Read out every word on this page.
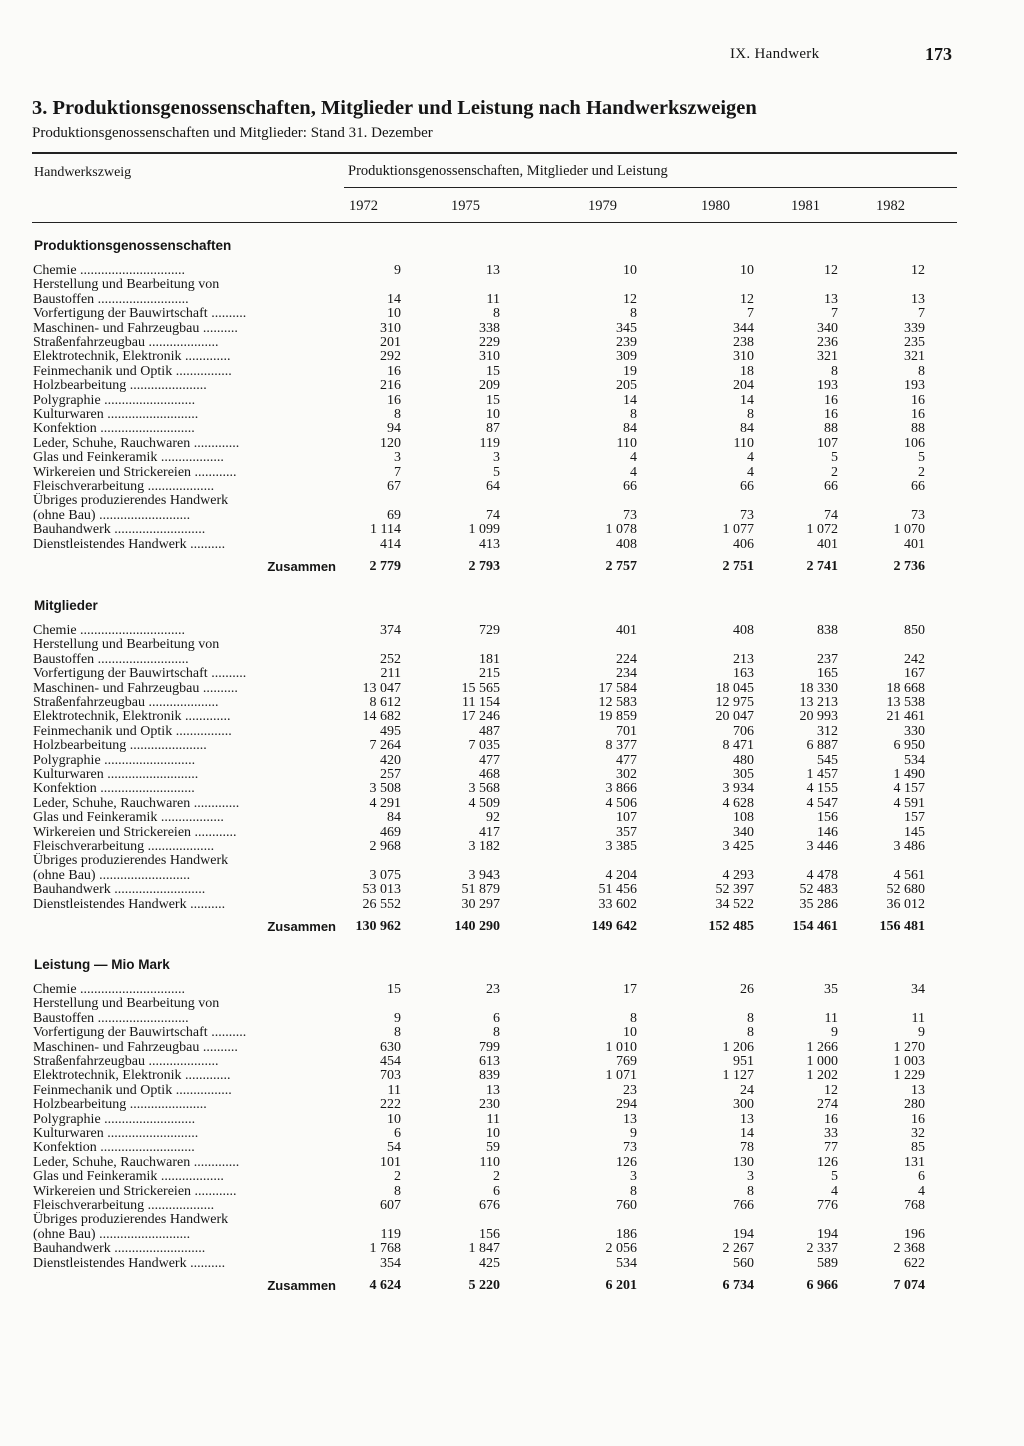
IX. Handwerk	173
3. Produktionsgenossenschaften, Mitglieder und Leistung nach Handwerkszweigen
Produktionsgenossenschaften und Mitglieder: Stand 31. Dezember
Handwerkszweig	Produktionsgenossenschaften, Mitglieder und Leistung
1972	1975	1979	1980	1981	1982
Produktionsgenossenschaften
Chemie ..............................	9	13	10	10	12	12
Herstellung und Bearbeitung von
Baustoffen ..........................	14	11	12	12	13	13
Vorfertigung der Bauwirtschaft ..........	10	8	8	7	7	7
Maschinen- und Fahrzeugbau ..........	310	338	345	344	340	339
Straßenfahrzeugbau ....................	201	229	239	238	236	235
Elektrotechnik, Elektronik .............	292	310	309	310	321	321
Feinmechanik und Optik ................	16	15	19	18	8	8
Holzbearbeitung ......................	216	209	205	204	193	193
Polygraphie ..........................	16	15	14	14	16	16
Kulturwaren ..........................	8	10	8	8	16	16
Konfektion ...........................	94	87	84	84	88	88
Leder, Schuhe, Rauchwaren .............	120	119	110	110	107	106
Glas und Feinkeramik ..................	3	3	4	4	5	5
Wirkereien und Strickereien ............	7	5	4	4	2	2
Fleischverarbeitung ...................	67	64	66	66	66	66
Übriges produzierendes Handwerk
(ohne Bau) ..........................	69	74	73	73	74	73
Bauhandwerk ..........................	1 114	1 099	1 078	1 077	1 072	1 070
Dienstleistendes Handwerk ..........	414	413	408	406	401	401
Zusammen	2 779	2 793	2 757	2 751	2 741	2 736
Mitglieder
Chemie ..............................	374	729	401	408	838	850
Herstellung und Bearbeitung von
Baustoffen ..........................	252	181	224	213	237	242
Vorfertigung der Bauwirtschaft ..........	211	215	234	163	165	167
Maschinen- und Fahrzeugbau ..........	13 047	15 565	17 584	18 045	18 330	18 668
Straßenfahrzeugbau ....................	8 612	11 154	12 583	12 975	13 213	13 538
Elektrotechnik, Elektronik .............	14 682	17 246	19 859	20 047	20 993	21 461
Feinmechanik und Optik ................	495	487	701	706	312	330
Holzbearbeitung ......................	7 264	7 035	8 377	8 471	6 887	6 950
Polygraphie ..........................	420	477	477	480	545	534
Kulturwaren ..........................	257	468	302	305	1 457	1 490
Konfektion ...........................	3 508	3 568	3 866	3 934	4 155	4 157
Leder, Schuhe, Rauchwaren .............	4 291	4 509	4 506	4 628	4 547	4 591
Glas und Feinkeramik ..................	84	92	107	108	156	157
Wirkereien und Strickereien ............	469	417	357	340	146	145
Fleischverarbeitung ...................	2 968	3 182	3 385	3 425	3 446	3 486
Übriges produzierendes Handwerk
(ohne Bau) ..........................	3 075	3 943	4 204	4 293	4 478	4 561
Bauhandwerk ..........................	53 013	51 879	51 456	52 397	52 483	52 680
Dienstleistendes Handwerk ..........	26 552	30 297	33 602	34 522	35 286	36 012
Zusammen	130 962	140 290	149 642	152 485	154 461	156 481
Leistung — Mio Mark
Chemie ..............................	15	23	17	26	35	34
Herstellung und Bearbeitung von
Baustoffen ..........................	9	6	8	8	11	11
Vorfertigung der Bauwirtschaft ..........	8	8	10	8	9	9
Maschinen- und Fahrzeugbau ..........	630	799	1 010	1 206	1 266	1 270
Straßenfahrzeugbau ....................	454	613	769	951	1 000	1 003
Elektrotechnik, Elektronik .............	703	839	1 071	1 127	1 202	1 229
Feinmechanik und Optik ................	11	13	23	24	12	13
Holzbearbeitung ......................	222	230	294	300	274	280
Polygraphie ..........................	10	11	13	13	16	16
Kulturwaren ..........................	6	10	9	14	33	32
Konfektion ...........................	54	59	73	78	77	85
Leder, Schuhe, Rauchwaren .............	101	110	126	130	126	131
Glas und Feinkeramik ..................	2	2	3	3	5	6
Wirkereien und Strickereien ............	8	6	8	8	4	4
Fleischverarbeitung ...................	607	676	760	766	776	768
Übriges produzierendes Handwerk
(ohne Bau) ..........................	119	156	186	194	194	196
Bauhandwerk ..........................	1 768	1 847	2 056	2 267	2 337	2 368
Dienstleistendes Handwerk ..........	354	425	534	560	589	622
Zusammen	4 624	5 220	6 201	6 734	6 966	7 074
